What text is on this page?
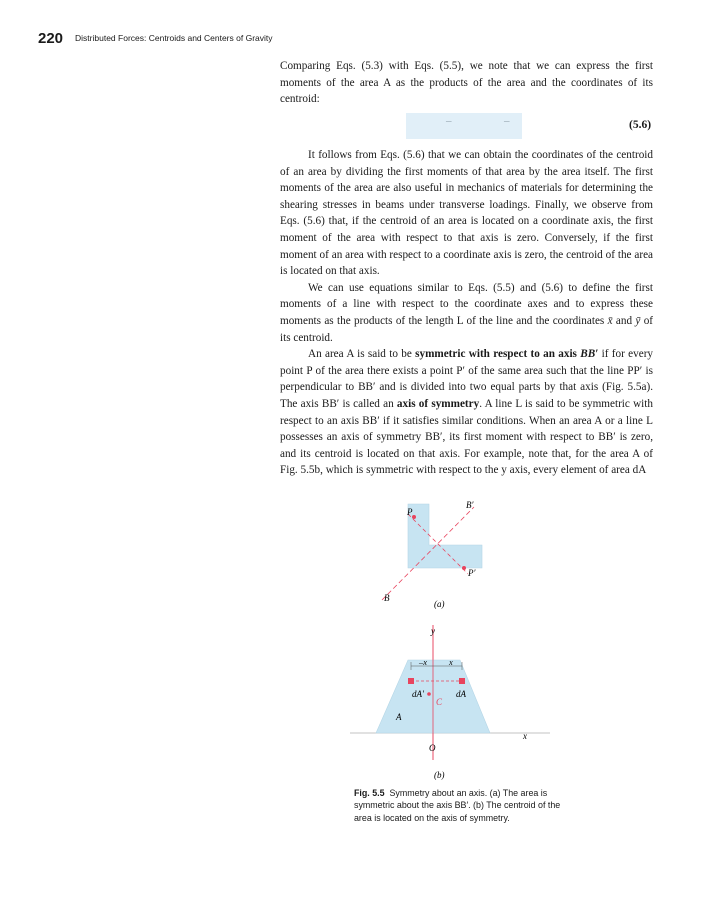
220 Distributed Forces: Centroids and Centers of Gravity

Comparing Eqs. (5.3) with Eqs. (5.5), we note that we can express the first moments of the area A as the products of the area and the coordinates of its centroid:

–	–	(5.6)

It follows from Eqs. (5.6) that we can obtain the coordinates of the centroid of an area by dividing the first moments of that area by the area itself. The first moments of the area are also useful in mechanics of materials for determining the shearing stresses in beams under transverse loadings. Finally, we observe from Eqs. (5.6) that, if the centroid of an area is located on a coordinate axis, the first moment of the area with respect to that axis is zero. Conversely, if the first moment of an area with respect to a coordinate axis is zero, the centroid of the area is located on that axis.

We can use equations similar to Eqs. (5.5) and (5.6) to define the first moments of a line with respect to the coordinate axes and to express these moments as the products of the length L of the line and the coordinates x̄ and ȳ of its centroid.

An area A is said to be symmetric with respect to an axis BB′ if for every point P of the area there exists a point P′ of the same area such that the line PP′ is perpendicular to BB′ and is divided into two equal parts by that axis (Fig. 5.5a). The axis BB′ is called an axis of symmetry. A line L is said to be symmetric with respect to an axis BB′ if it satisfies similar conditions. When an area A or a line L possesses an axis of symmetry BB′, its first moment with respect to BB′ is zero, and its centroid is located on that axis. For example, note that, for the area A of Fig. 5.5b, which is symmetric with respect to the y axis, every element of area dA

P
P′
B′
B
(a)
–x	x
y
x
dA′	dA
C
A
O
(b)
Fig. 5.5 Symmetry about an axis. (a) The area is symmetric about the axis BB′. (b) The centroid of the area is located on the axis of symmetry.
